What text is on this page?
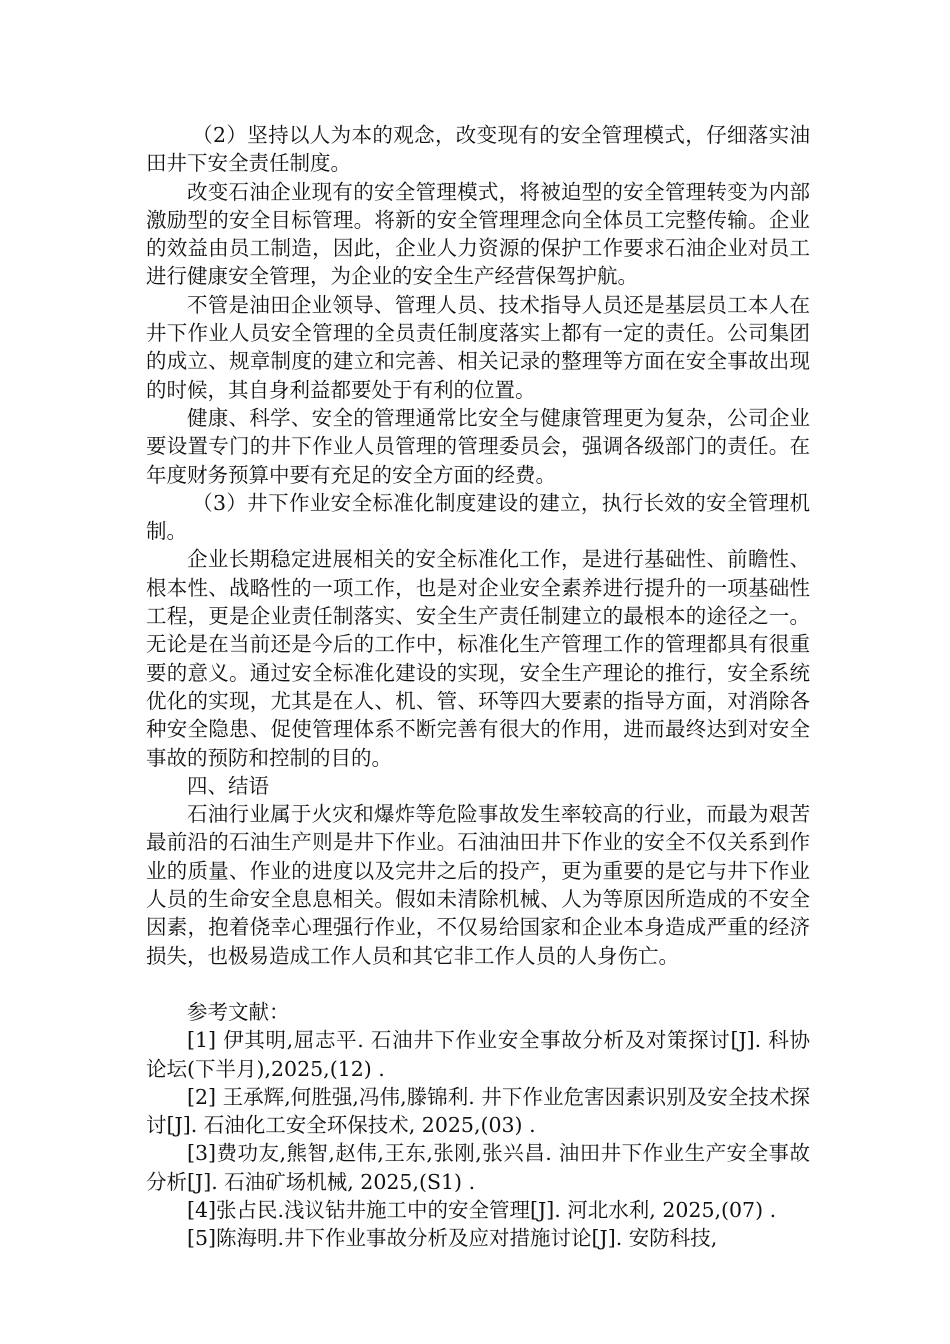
（2）坚持以人为本的观念，改变现有的安全管理模式，仔细落实油田井下安全责任制度。

改变石油企业现有的安全管理模式，将被迫型的安全管理转变为内部激励型的安全目标管理。将新的安全管理理念向全体员工完整传输。企业的效益由员工制造，因此，企业人力资源的保护工作要求石油企业对员工进行健康安全管理，为企业的安全生产经营保驾护航。

不管是油田企业领导、管理人员、技术指导人员还是基层员工本人在井下作业人员安全管理的全员责任制度落实上都有一定的责任。公司集团的成立、规章制度的建立和完善、相关记录的整理等方面在安全事故出现的时候，其自身利益都要处于有利的位置。

健康、科学、安全的管理通常比安全与健康管理更为复杂，公司企业要设置专门的井下作业人员管理的管理委员会，强调各级部门的责任。在年度财务预算中要有充足的安全方面的经费。

（3）井下作业安全标准化制度建设的建立，执行长效的安全管理机制。

企业长期稳定进展相关的安全标准化工作，是进行基础性、前瞻性、根本性、战略性的一项工作，也是对企业安全素养进行提升的一项基础性工程，更是企业责任制落实、安全生产责任制建立的最根本的途径之一。无论是在当前还是今后的工作中，标准化生产管理工作的管理都具有很重要的意义。通过安全标准化建设的实现，安全生产理论的推行，安全系统优化的实现，尤其是在人、机、管、环等四大要素的指导方面，对消除各种安全隐患、促使管理体系不断完善有很大的作用，进而最终达到对安全事故的预防和控制的目的。

四、结语

石油行业属于火灾和爆炸等危险事故发生率较高的行业，而最为艰苦最前沿的石油生产则是井下作业。石油油田井下作业的安全不仅关系到作业的质量、作业的进度以及完井之后的投产，更为重要的是它与井下作业人员的生命安全息息相关。假如未清除机械、人为等原因所造成的不安全因素，抱着侥幸心理强行作业，不仅易给国家和企业本身造成严重的经济损失，也极易造成工作人员和其它非工作人员的人身伤亡。

参考文献：

[1] 伊其明,屈志平. 石油井下作业安全事故分析及对策探讨[J]. 科协论坛(下半月),2025,(12) .

[2] 王承辉,何胜强,冯伟,滕锦利. 井下作业危害因素识别及安全技术探讨[J]. 石油化工安全环保技术, 2025,(03) .

[3]费功友,熊智,赵伟,王东,张刚,张兴昌. 油田井下作业生产安全事故分析[J]. 石油矿场机械, 2025,(S1) .

[4]张占民.浅议钻井施工中的安全管理[J]. 河北水利, 2025,(07) .

[5]陈海明.井下作业事故分析及应对措施讨论[J]. 安防科技,
